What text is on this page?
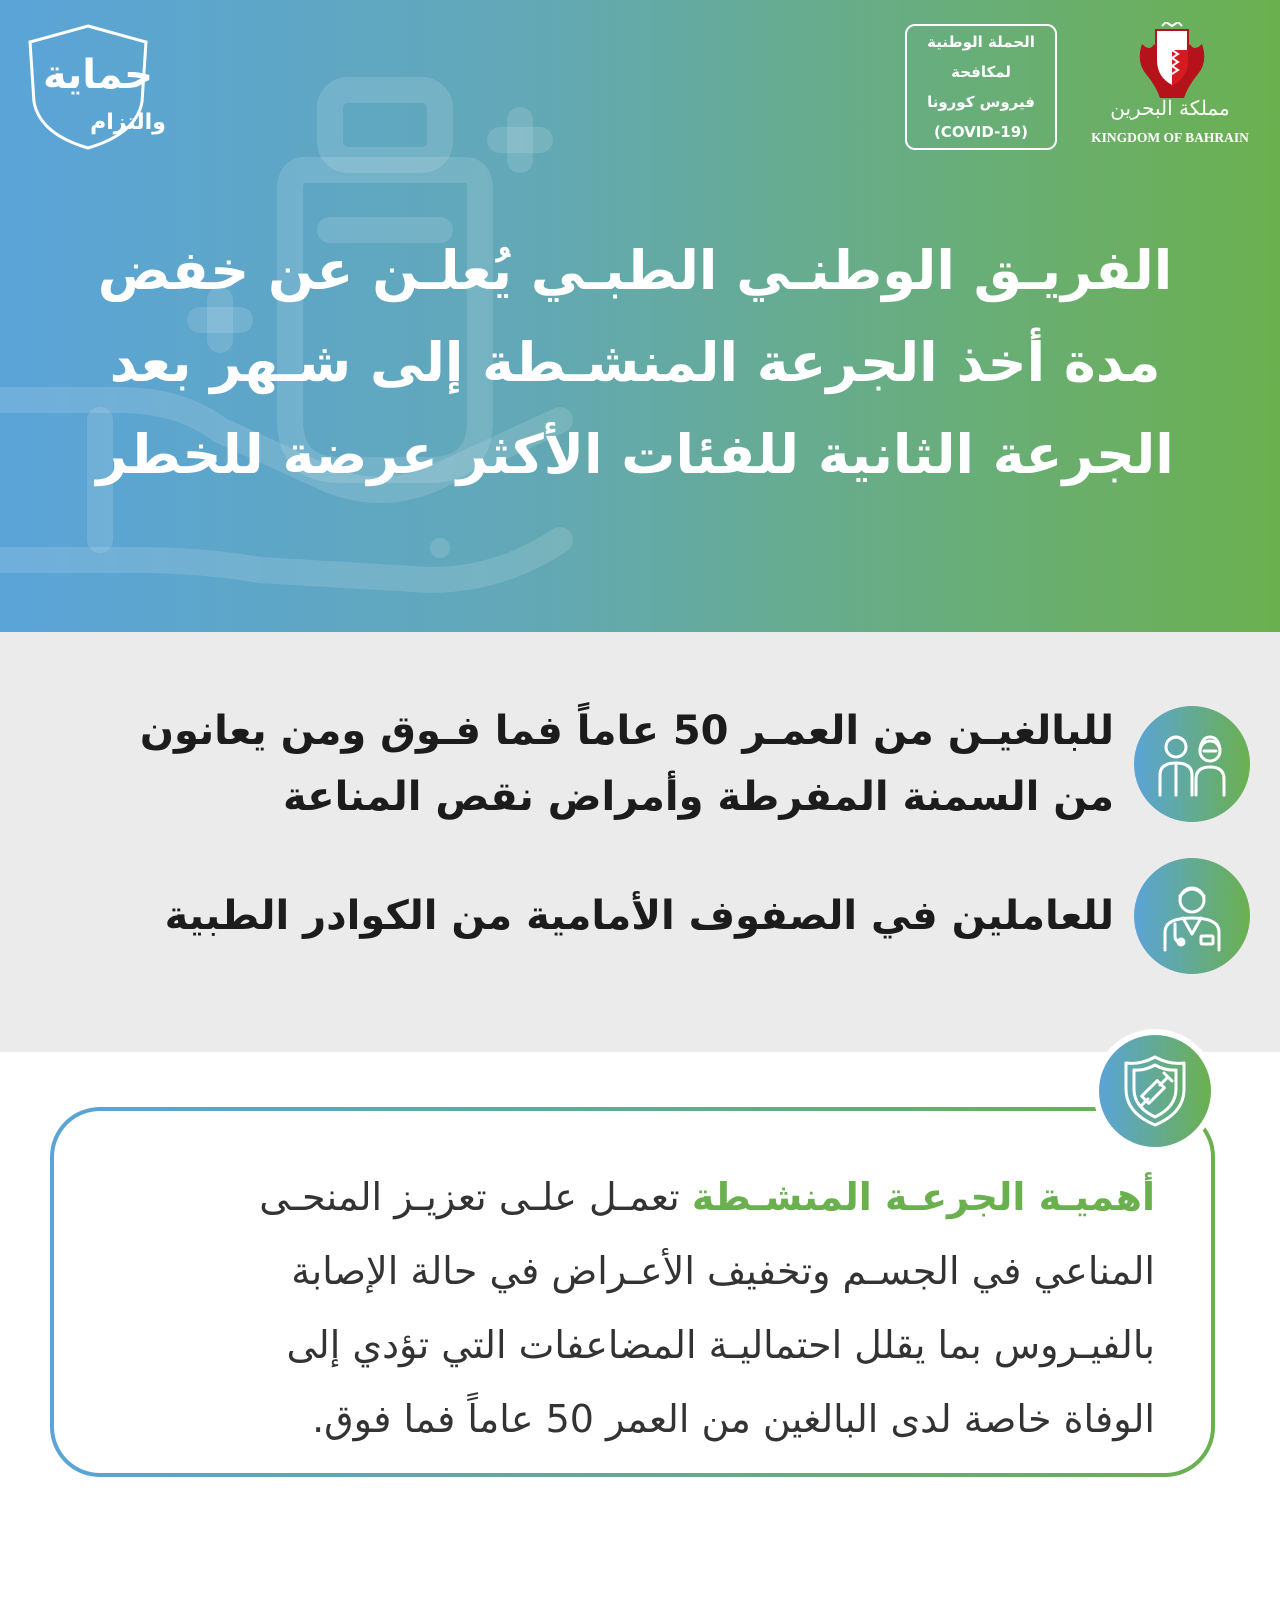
حماية
والتزام
الحملة الوطنية
لمكافحة
فيروس كورونا
(COVID-19)
مملكة البحرين
KINGDOM OF BAHRAIN
الفريـق الوطنـي الطبـي يُعلـن عن خفض
مدة أخذ الجرعة المنشـطة إلى شـهر بعد
الجرعة الثانية للفئات الأكثر عرضة للخطر
للبالغيـن من العمـر 50 عاماً فما فـوق ومن يعانون
من السمنة المفرطة وأمراض نقص المناعة
للعاملين في الصفوف الأمامية من الكوادر الطبية
أهميـة الجرعـة المنشـطة تعمـل علـى تعزيـز المنحـى
المناعي في الجسـم وتخفيف الأعـراض في حالة الإصابة
بالفيـروس بما يقلل احتماليـة المضاعفات التي تؤدي إلى
الوفاة خاصة لدى البالغين من العمر 50 عاماً فما فوق.
